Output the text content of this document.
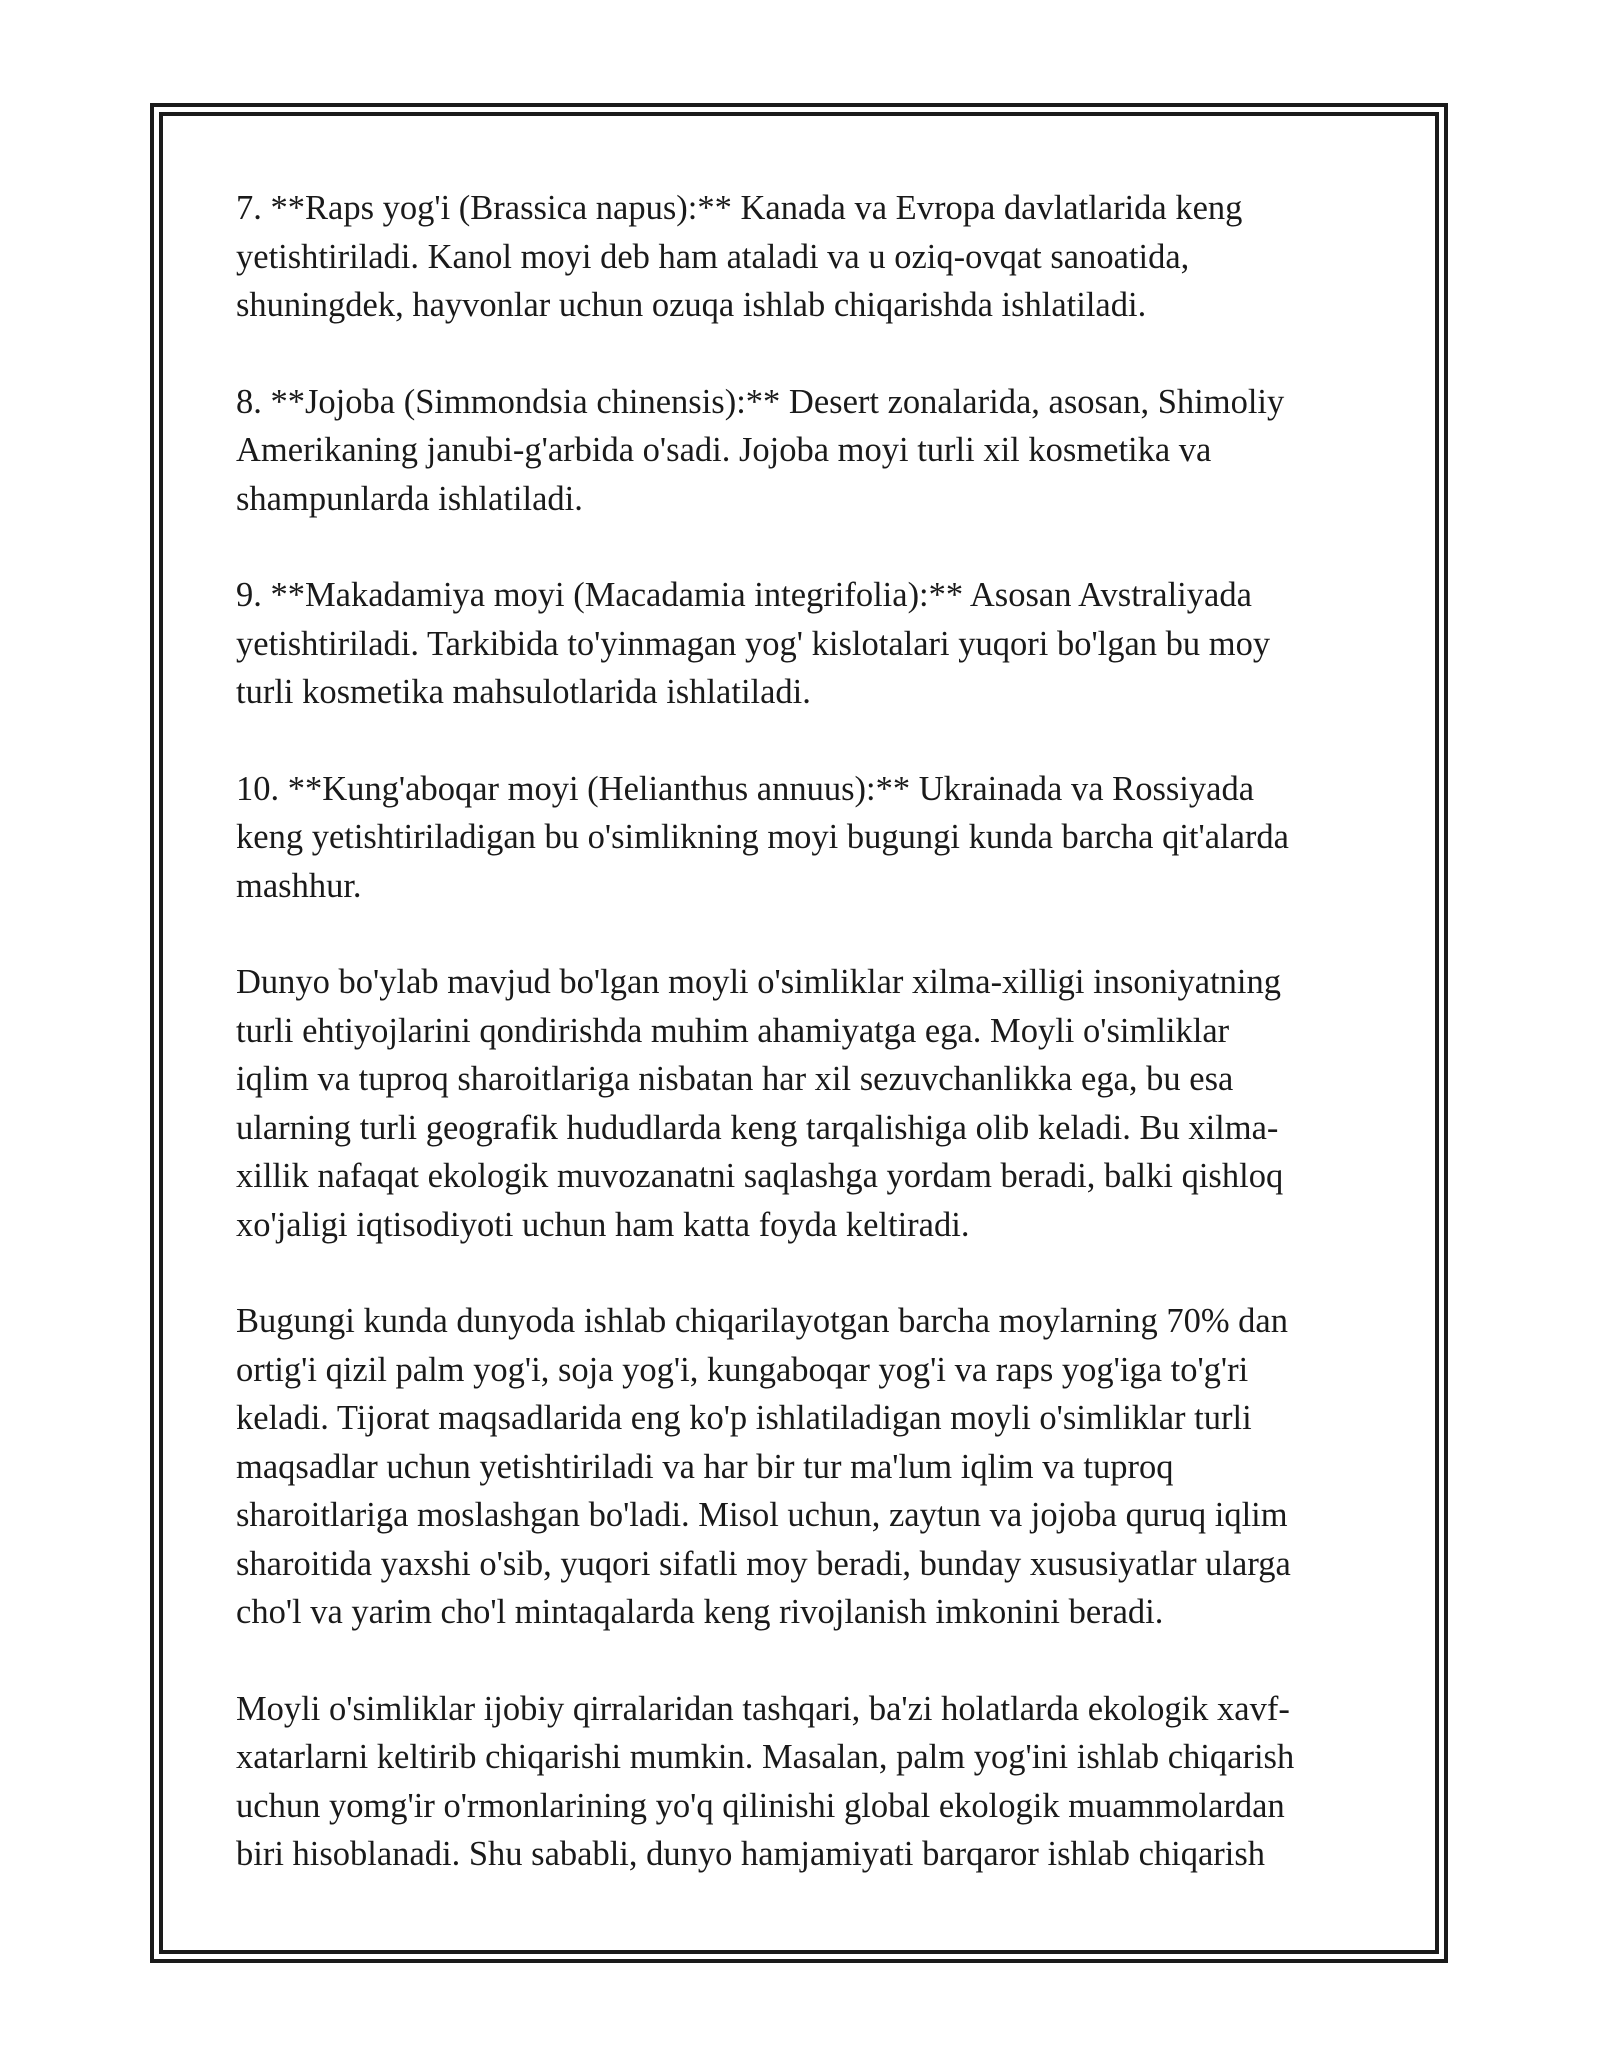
7. **Raps yog'i (Brassica napus):** Kanada va Evropa davlatlarida keng
yetishtiriladi. Kanol moyi deb ham ataladi va u oziq-ovqat sanoatida,
shuningdek, hayvonlar uchun ozuqa ishlab chiqarishda ishlatiladi.

8. **Jojoba (Simmondsia chinensis):** Desert zonalarida, asosan, Shimoliy
Amerikaning janubi-g'arbida o'sadi. Jojoba moyi turli xil kosmetika va
shampunlarda ishlatiladi.

9. **Makadamiya moyi (Macadamia integrifolia):** Asosan Avstraliyada
yetishtiriladi. Tarkibida to'yinmagan yog' kislotalari yuqori bo'lgan bu moy
turli kosmetika mahsulotlarida ishlatiladi.

10. **Kung'aboqar moyi (Helianthus annuus):** Ukrainada va Rossiyada
keng yetishtiriladigan bu o'simlikning moyi bugungi kunda barcha qit'alarda
mashhur.

Dunyo bo'ylab mavjud bo'lgan moyli o'simliklar xilma-xilligi insoniyatning
turli ehtiyojlarini qondirishda muhim ahamiyatga ega. Moyli o'simliklar
iqlim va tuproq sharoitlariga nisbatan har xil sezuvchanlikka ega, bu esa
ularning turli geografik hududlarda keng tarqalishiga olib keladi. Bu xilma-
xillik nafaqat ekologik muvozanatni saqlashga yordam beradi, balki qishloq
xo'jaligi iqtisodiyoti uchun ham katta foyda keltiradi.

Bugungi kunda dunyoda ishlab chiqarilayotgan barcha moylarning 70% dan
ortig'i qizil palm yog'i, soja yog'i, kungaboqar yog'i va raps yog'iga to'g'ri
keladi. Tijorat maqsadlarida eng ko'p ishlatiladigan moyli o'simliklar turli
maqsadlar uchun yetishtiriladi va har bir tur ma'lum iqlim va tuproq
sharoitlariga moslashgan bo'ladi. Misol uchun, zaytun va jojoba quruq iqlim
sharoitida yaxshi o'sib, yuqori sifatli moy beradi, bunday xususiyatlar ularga
cho'l va yarim cho'l mintaqalarda keng rivojlanish imkonini beradi.

Moyli o'simliklar ijobiy qirralaridan tashqari, ba'zi holatlarda ekologik xavf-
xatarlarni keltirib chiqarishi mumkin. Masalan, palm yog'ini ishlab chiqarish
uchun yomg'ir o'rmonlarining yo'q qilinishi global ekologik muammolardan
biri hisoblanadi. Shu sababli, dunyo hamjamiyati barqaror ishlab chiqarish
